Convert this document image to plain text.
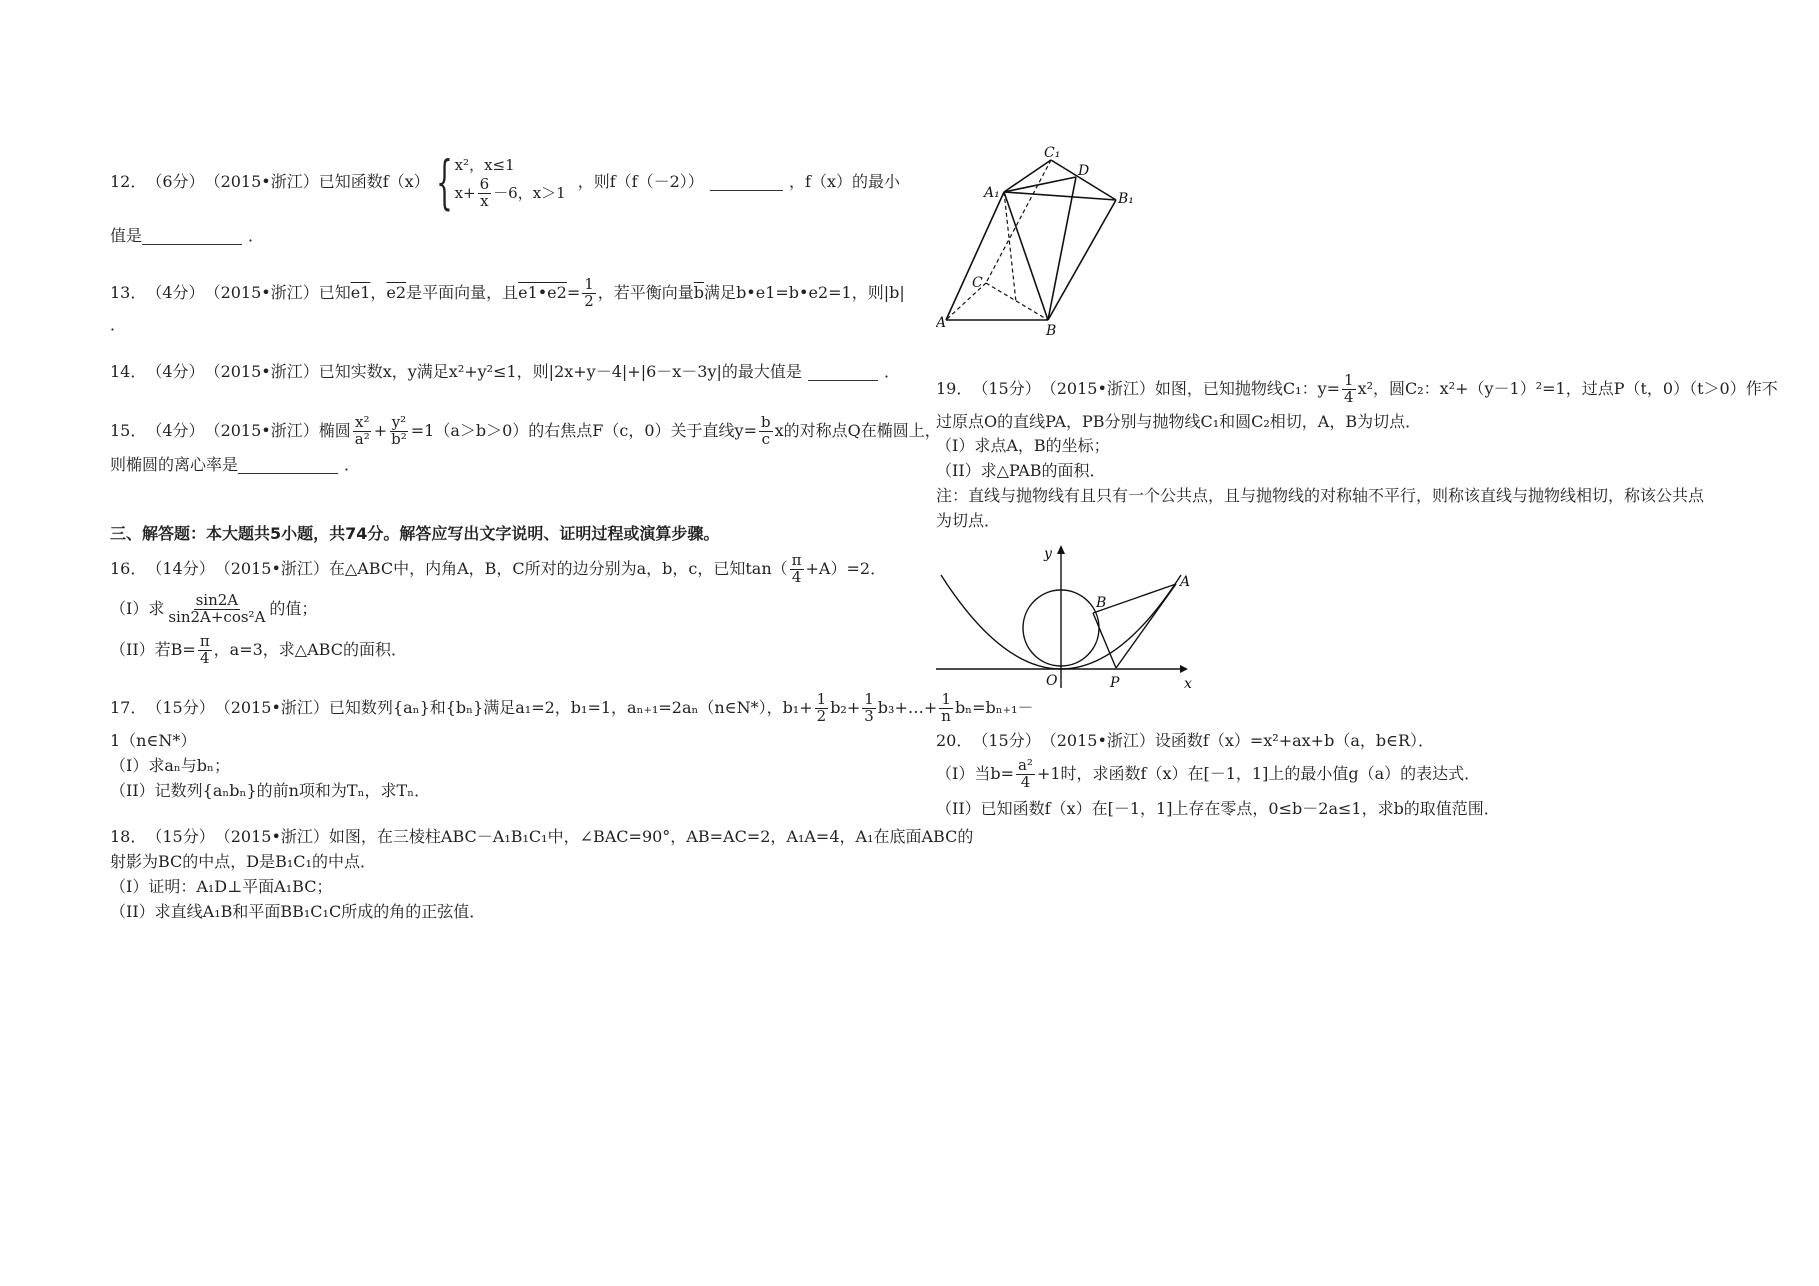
12． （6分） （2015•浙江） 已知函数f（x） { x²，x≤1
$x+ \frac{6}{x} -6$，x＞1
，则f（f（－2））	，f（x）的最小
值是	．
13． （4分） （2015•浙江） 已知 e1 ， e2 是平面向量，且 e1•e2 = $\frac{1}{2}$ ，若平衡向量 $\overline{b}$ 满足 b•e1=b•e2=1，则|b|
．
14． （4分） （2015•浙江） 已知实数x，y满足x²+y²≤1，则|2x+y－4|+|6－x－3y|的最大值是	．
15． （4分） （2015•浙江） 椭圆 $\frac{\text{x²}}{\text{a²}} + \frac{\text{y²}}{\text{b²}} =1(a>b>0)$的右焦点F（c，0）关于直线$y= \frac{b}{c}$ x的对称点Q在椭圆上，
则椭圆的离心率是	．
三、解答题：本大题共5小题，共74分。解答应写出文字说明、证明过程或演算步骤。
16． （14分） （2015•浙江） 在△ABC中，内角A，B，C所对的边分别为a，b，c，已知$\tan( \frac{\pi}{4} +A)=2$．
（I）求 $\frac{\sin 2A}{\text{sin2A+cos²A}}$ 的值；
（II）若$B= \frac{\pi}{4}$ ，a=3，求△ABC的面积．
17． （15分） （2015•浙江） 已知数列{aₙ}和{bₙ}满足a₁=2，b₁=1，aₙ₊₁=2aₙ（n∈N*），$b_1+ \frac{1}{2} b_2+ \frac{1}{3}$ b₃+…+ $\frac{1}{n} b_n=b_{n+1}-$
1（n∈N*）
（I）求aₙ与bₙ；
（II）记数列{aₙbₙ}的前n项和为Tₙ，求Tₙ．
18． （15分） （2015•浙江） 如图，在三棱柱ABC－A₁B₁C₁中，∠BAC=90°，AB=AC=2，A₁A=4，A₁在底面ABC的
射影为BC的中点，D是B₁C₁的中点．
（I）证明：A₁D⊥平面A₁BC；
（II）求直线A₁B和平面BB₁C₁C所成的角的正弦值．
C₁
D
A₁	B₁
C
A	B
19． （15分） （2015•浙江） 如图，已知抛物线C₁：$y= \frac{1}{4} x^2$，圆C₂：x²+（y－1）²=1，过点P（t，0）（t＞0）作不
过原点O的直线PA，PB分别与抛物线C₁和圆C₂相切，A，B为切点．
（I）求点A，B的坐标；
（II）求△PAB的面积．
注：直线与抛物线有且只有一个公共点，且与抛物线的对称轴不平行，则称该直线与抛物线相切，称该公共点
为切点．
y
x
O	P
A
B
20． （15分） （2015•浙江） 设函数f（x）=x²+ax+b（a，b∈R）．
（I）当$b= \frac{\text{a²}}{4} +1$时，求函数f（x）在[－1，1]上的最小值g（a）的表达式．
（II）已知函数f（x）在[－1，1]上存在零点，0≤b－2a≤1，求b的取值范围．
